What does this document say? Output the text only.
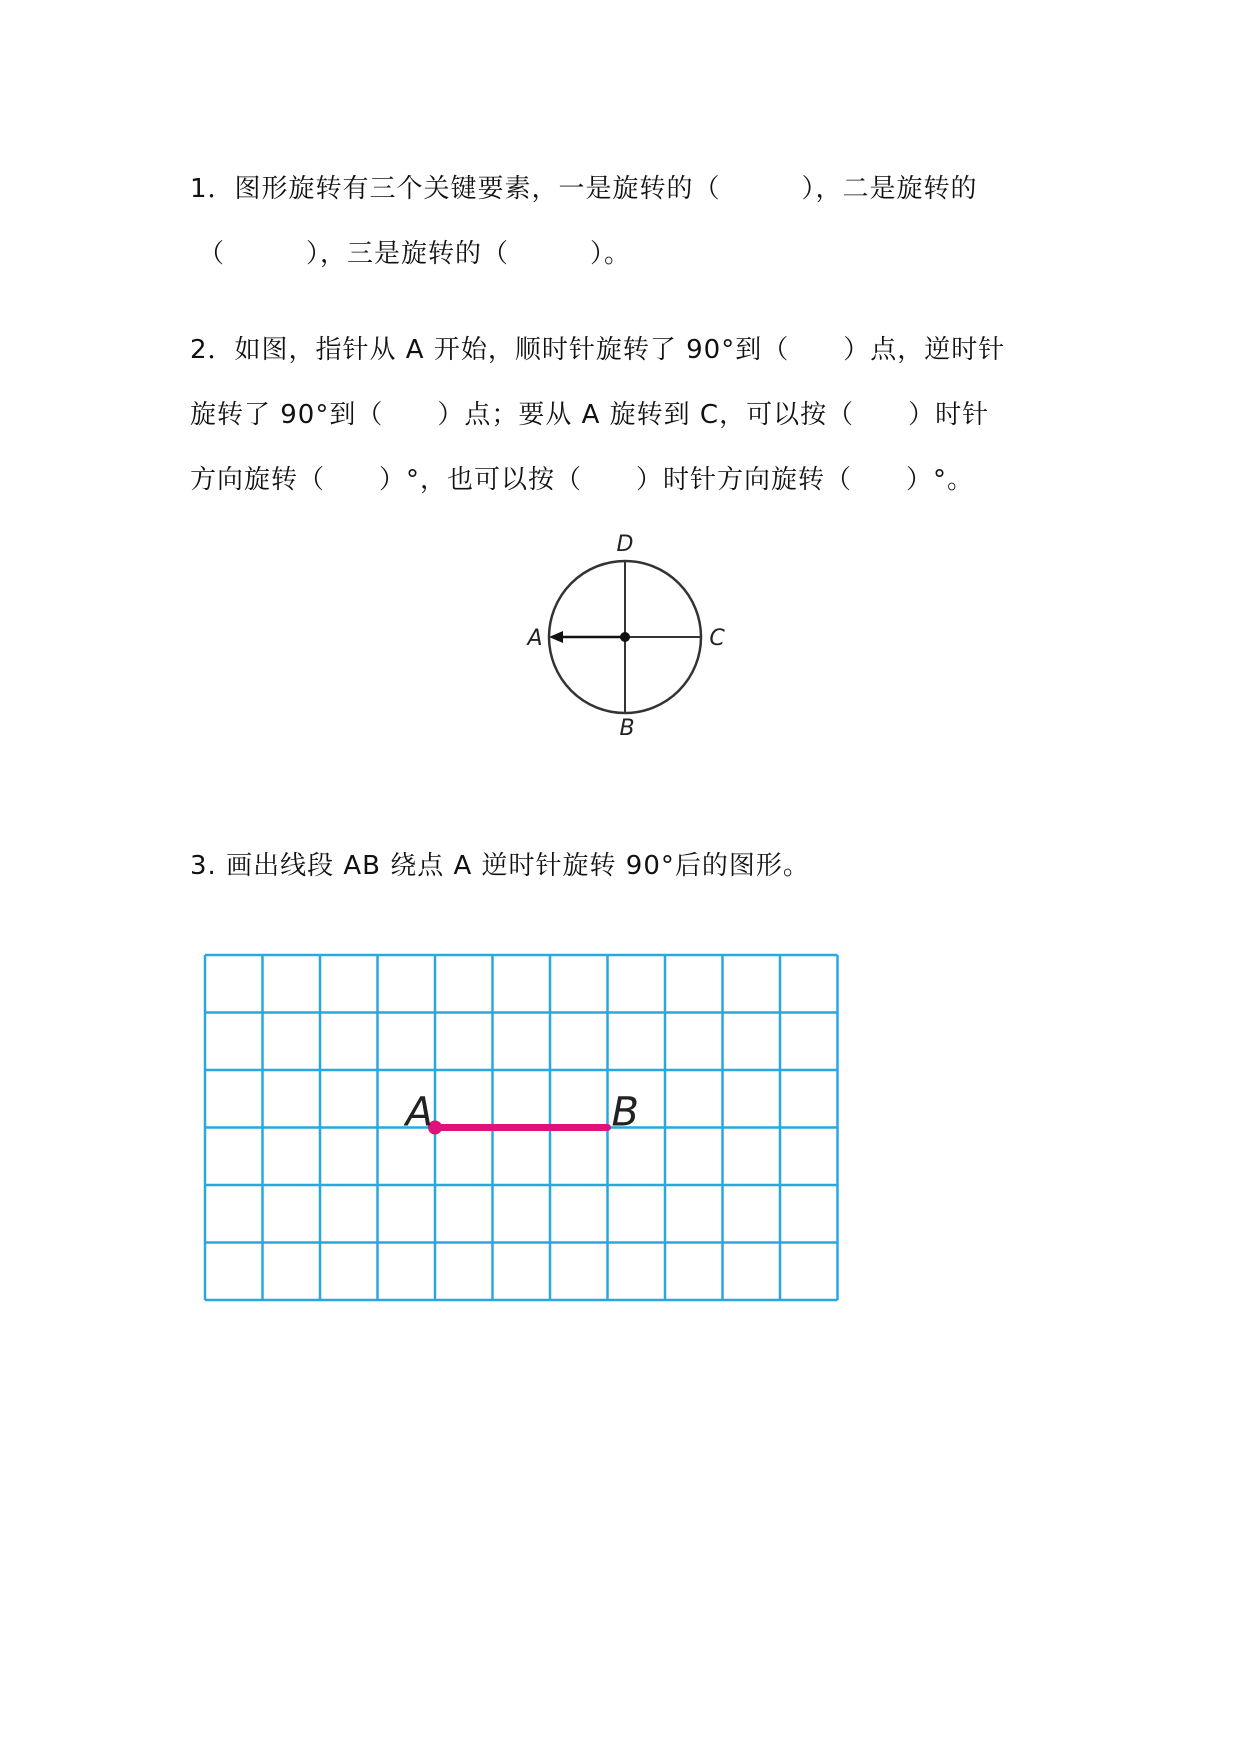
1．图形旋转有三个关键要素，一是旋转的（　　　），二是旋转的
（　　　），三是旋转的（　　　）。
2．如图，指针从 A 开始，顺时针旋转了 90°到（　　）点，逆时针
旋转了 90°到（　　）点；要从 A 旋转到 C，可以按（　　）时针
方向旋转（　　）°，也可以按（　　）时针方向旋转（　　）°。
D
A	C
B
3. 画出线段 AB 绕点 A 逆时针旋转 90°后的图形。
A	B
